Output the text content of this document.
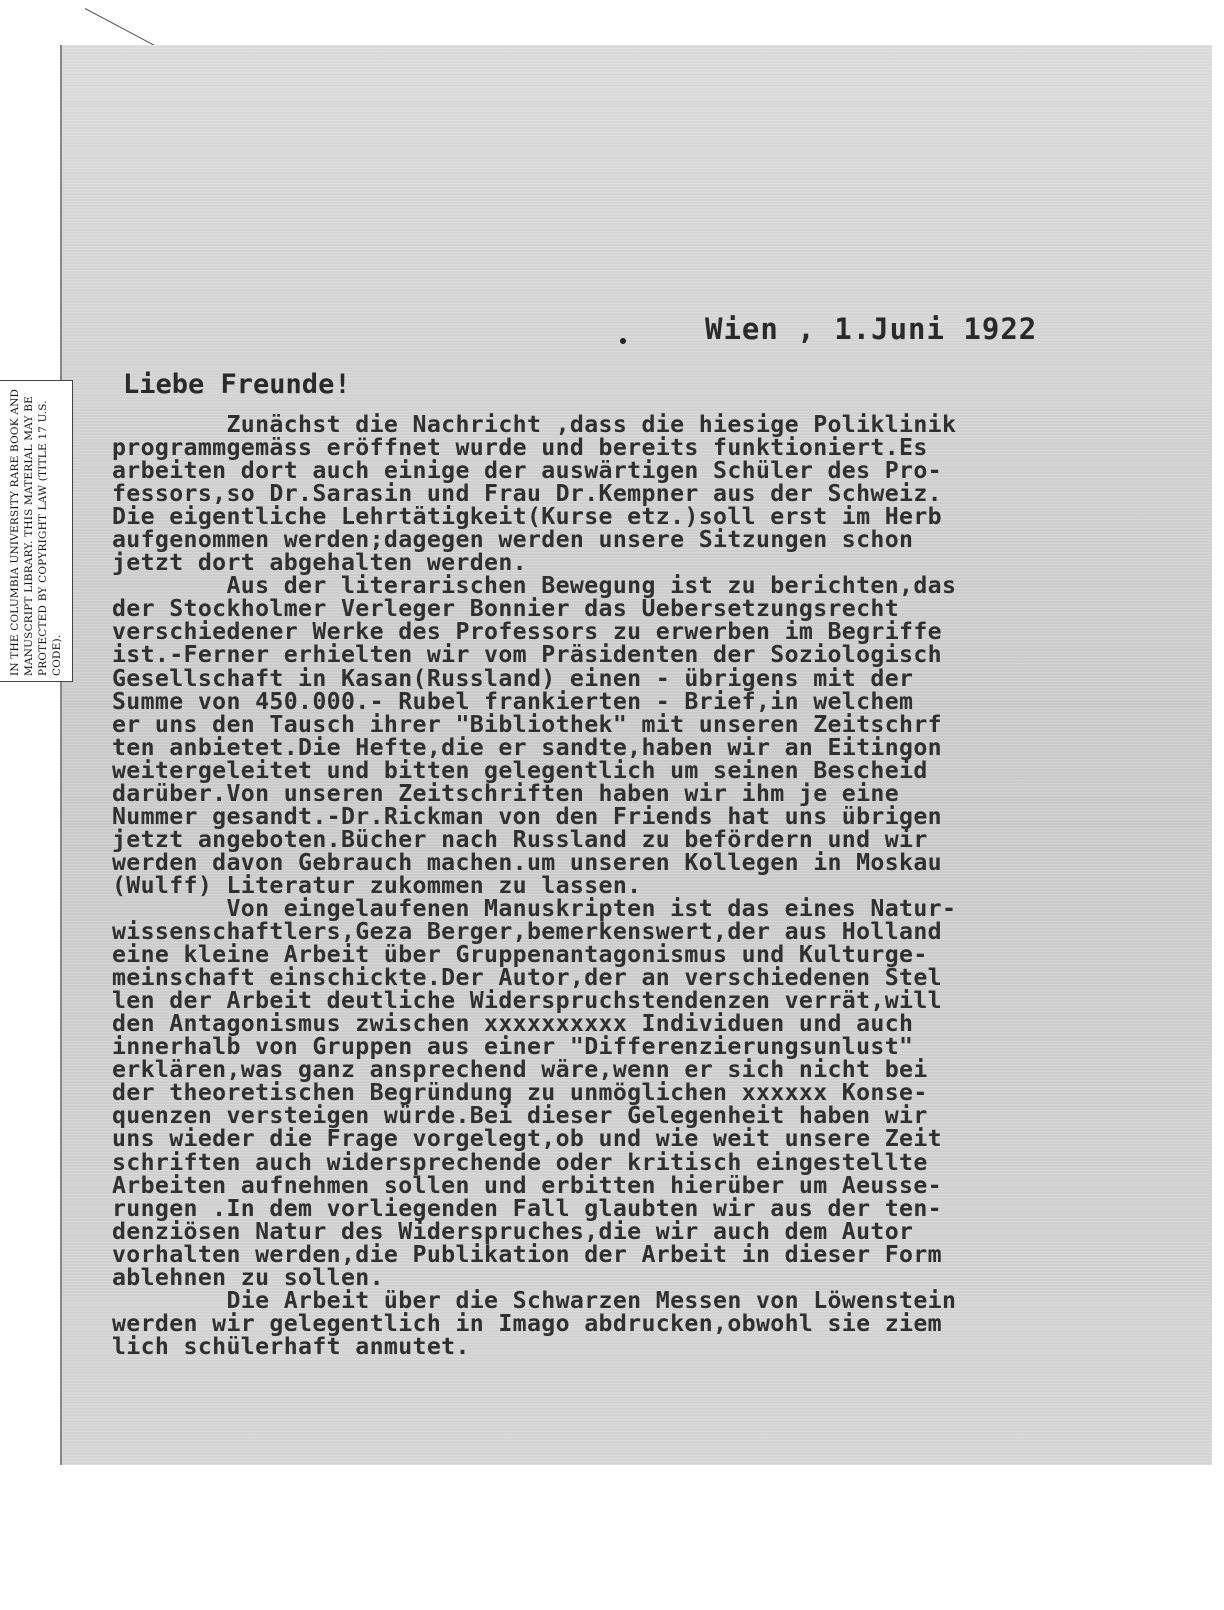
IN THE COLUMBIA UNIVERSITY RARE BOOK AND MANUSCRIPT LIBRARY. THIS MATERIAL MAY BE PROTECTED BY COPYRIGHT LAW (TITLE 17 U.S. CODE).
Wien , 1.Juni 1922
Liebe Freunde!
Zunächst die Nachricht ,dass die hiesige Poliklinik
programmgemäss eröffnet wurde und bereits funktioniert.Es
arbeiten dort auch einige der auswärtigen Schüler des Pro-
fessors,so Dr.Sarasin und Frau Dr.Kempner aus der Schweiz.
Die eigentliche Lehrtätigkeit(Kurse etz.)soll erst im Herb
aufgenommen werden;dagegen werden unsere Sitzungen schon
jetzt dort abgehalten werden.
Aus der literarischen Bewegung ist zu berichten,das
der Stockholmer Verleger Bonnier das Uebersetzungsrecht
verschiedener Werke des Professors zu erwerben im Begriffe
ist.-Ferner erhielten wir vom Präsidenten der Soziologisch
Gesellschaft in Kasan(Russland) einen - übrigens mit der
Summe von 450.000.- Rubel frankierten - Brief,in welchem
er uns den Tausch ihrer "Bibliothek" mit unseren Zeitschrf
ten anbietet.Die Hefte,die er sandte,haben wir an Eitingon
weitergeleitet und bitten gelegentlich um seinen Bescheid
darüber.Von unseren Zeitschriften haben wir ihm je eine
Nummer gesandt.-Dr.Rickman von den Friends hat uns übrigen
jetzt angeboten.Bücher nach Russland zu befördern und wir
werden davon Gebrauch machen.um unseren Kollegen in Moskau
(Wulff) Literatur zukommen zu lassen.
Von eingelaufenen Manuskripten ist das eines Natur-
wissenschaftlers,Geza Berger,bemerkenswert,der aus Holland
eine kleine Arbeit über Gruppenantagonismus und Kulturge-
meinschaft einschickte.Der Autor,der an verschiedenen Stel
len der Arbeit deutliche Widerspruchstendenzen verrät,will
den Antagonismus zwischen xxxxxxxxxx Individuen und auch
innerhalb von Gruppen aus einer "Differenzierungsunlust"
erklären,was ganz ansprechend wäre,wenn er sich nicht bei
der theoretischen Begründung zu unmöglichen xxxxxx Konse-
quenzen versteigen würde.Bei dieser Gelegenheit haben wir
uns wieder die Frage vorgelegt,ob und wie weit unsere Zeit
schriften auch widersprechende oder kritisch eingestellte
Arbeiten aufnehmen sollen und erbitten hierüber um Aeusse-
rungen .In dem vorliegenden Fall glaubten wir aus der ten-
denziösen Natur des Widerspruches,die wir auch dem Autor
vorhalten werden,die Publikation der Arbeit in dieser Form
ablehnen zu sollen.
Die Arbeit über die Schwarzen Messen von Löwenstein
werden wir gelegentlich in Imago abdrucken,obwohl sie ziem
lich schülerhaft anmutet.
